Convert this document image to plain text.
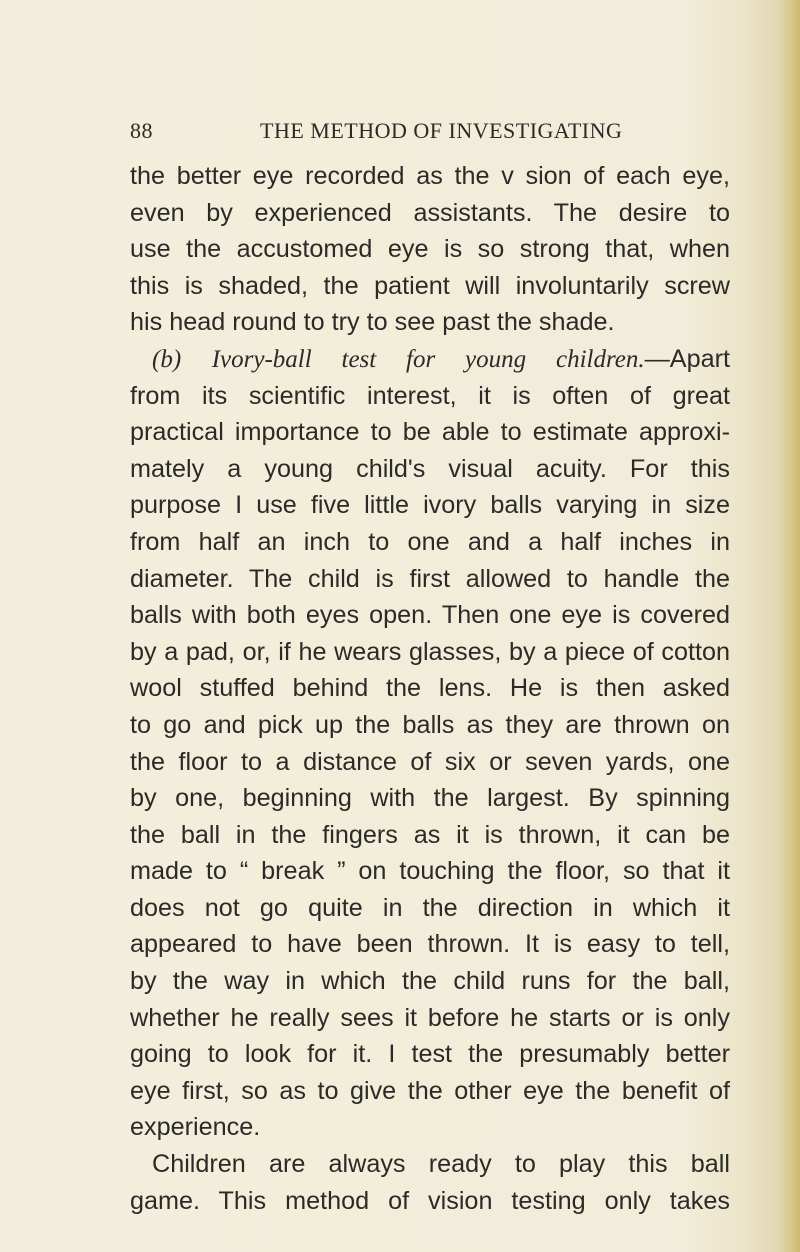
88	THE METHOD OF INVESTIGATING
the better eye recorded as the v sion of each eye,
even by experienced assistants. The desire to
use the accustomed eye is so strong that, when
this is shaded, the patient will involuntarily screw
his head round to try to see past the shade.
(b) Ivory-ball test for young children.—Apart
from its scientific interest, it is often of great
practical importance to be able to estimate approxi-
mately a young child's visual acuity. For this
purpose I use five little ivory balls varying in size
from half an inch to one and a half inches in
diameter. The child is first allowed to handle the
balls with both eyes open. Then one eye is covered
by a pad, or, if he wears glasses, by a piece of cotton
wool stuffed behind the lens. He is then asked
to go and pick up the balls as they are thrown on
the floor to a distance of six or seven yards, one
by one, beginning with the largest. By spinning
the ball in the fingers as it is thrown, it can be
made to “ break ” on touching the floor, so that it
does not go quite in the direction in which it
appeared to have been thrown. It is easy to tell,
by the way in which the child runs for the ball,
whether he really sees it before he starts or is only
going to look for it. I test the presumably better
eye first, so as to give the other eye the benefit of
experience.
Children are always ready to play this ball
game. This method of vision testing only takes
